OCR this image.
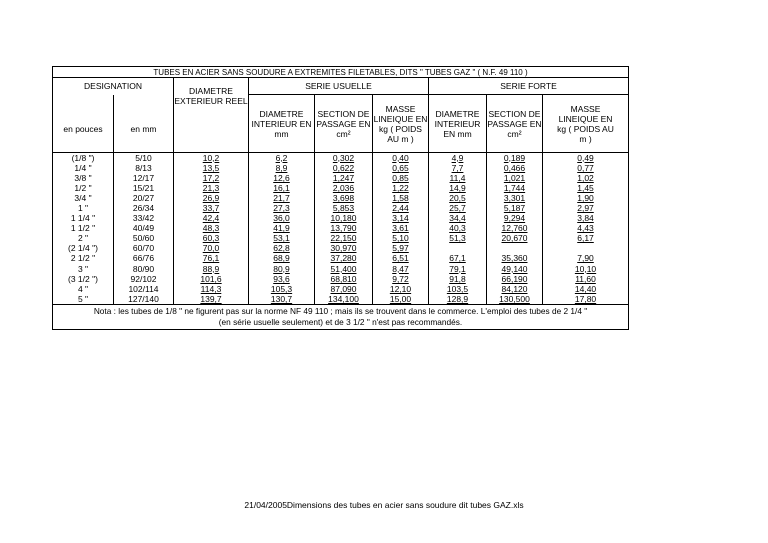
TUBES EN ACIER SANS SOUDURE A EXTREMITES FILETABLES, DITS " TUBES GAZ " ( N.F. 49 110 )								
DESIGNATION		DIAMETRE EXTERIEUR REEL	SERIE USUELLE			SERIE FORTE		
en pouces	en mm		DIAMETRE INTERIEUR EN mm	SECTION DE PASSAGE EN cm²	MASSE LINEIQUE EN kg ( POIDS AU m )	DIAMETRE INTERIEUR EN mm	SECTION DE PASSAGE EN cm²	MASSE LINEIQUE EN kg ( POIDS AU m )
(1/8 ")	5/10	10,2	6,2	0,302	0,40	4,9	0,189	0,49
1/4 "	8/13	13,5	8,9	0,622	0,65	7,7	0,466	0,77
3/8 "	12/17	17,2	12,6	1,247	0,85	11,4	1,021	1,02
1/2 "	15/21	21,3	16,1	2,036	1,22	14,9	1,744	1,45
3/4 "	20/27	26,9	21,7	3,698	1,58	20,5	3,301	1,90
1 "	26/34	33,7	27,3	5,853	2,44	25,7	5,187	2,97
1 1/4 "	33/42	42,4	36,0	10,180	3,14	34,4	9,294	3,84
1 1/2 "	40/49	48,3	41,9	13,790	3,61	40,3	12,760	4,43
2 "	50/60	60,3	53,1	22,150	5,10	51,3	20,670	6,17
(2 1/4 ")	60/70	70,0	62,8	30,970	5,97			
2 1/2 "	66/76	76,1	68,9	37,280	6,51	67,1	35,360	7,90
3 "	80/90	88,9	80,9	51,400	8,47	79,1	49,140	10,10
(3 1/2 ")	92/102	101,6	93,6	68,810	9,72	91,8	66,190	11,60
4 "	102/114	114,3	105,3	87,090	12,10	103,5	84,120	14,40
5 "	127/140	139,7	130,7	134,100	15,00	128,9	130,500	17,80
Nota : les tubes de 1/8 " ne figurent pas sur la norme NF 49 110 ; mais ils se trouvent dans le commerce. L'emploi des tubes de 2 1/4 "
(en série usuelle seulement) et de 3 1/2 " n'est pas recommandés.								
21/04/2005Dimensions des tubes en acier sans soudure dit tubes GAZ.xls
